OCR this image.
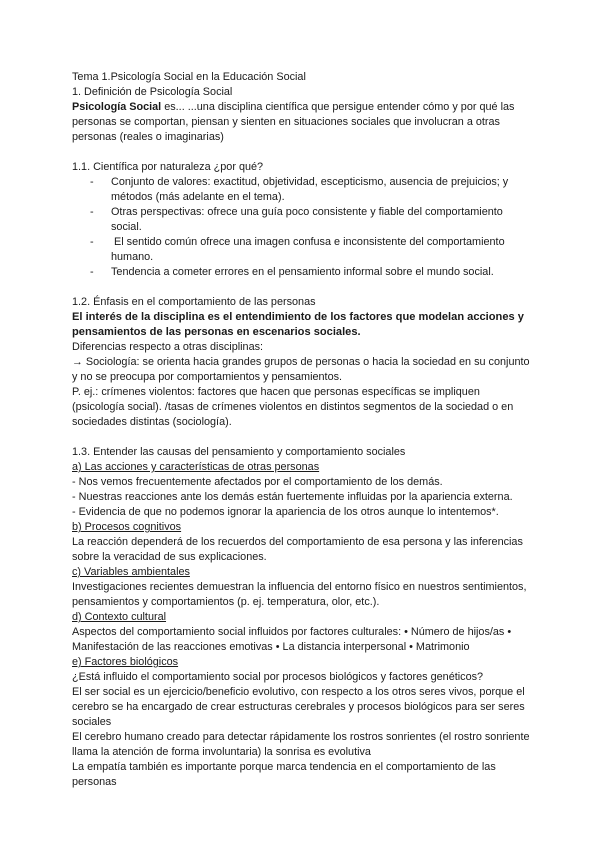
Tema 1.Psicología Social en la Educación Social

1. Definición de Psicología Social

Psicología Social es... ...una disciplina científica que persigue entender cómo y por qué las personas se comportan, piensan y sienten en situaciones sociales que involucran a otras personas (reales o imaginarias)

1.1. Científica por naturaleza ¿por qué?

- Conjunto de valores: exactitud, objetividad, escepticismo, ausencia de prejuicios; y métodos (más adelante en el tema).
- Otras perspectivas: ofrece una guía poco consistente y fiable del comportamiento social.
- El sentido común ofrece una imagen confusa e inconsistente del comportamiento humano.
- Tendencia a cometer errores en el pensamiento informal sobre el mundo social.

1.2. Énfasis en el comportamiento de las personas

El interés de la disciplina es el entendimiento de los factores que modelan acciones y pensamientos de las personas en escenarios sociales.

Diferencias respecto a otras disciplinas:

→ Sociología: se orienta hacia grandes grupos de personas o hacia la sociedad en su conjunto y no se preocupa por comportamientos y pensamientos.

P. ej.: crímenes violentos: factores que hacen que personas específicas se impliquen (psicología social). /tasas de crímenes violentos en distintos segmentos de la sociedad o en sociedades distintas (sociología).

1.3. Entender las causas del pensamiento y comportamiento sociales

a) Las acciones y características de otras personas

- Nos vemos frecuentemente afectados por el comportamiento de los demás.

- Nuestras reacciones ante los demás están fuertemente influidas por la apariencia externa.

- Evidencia de que no podemos ignorar la apariencia de los otros aunque lo intentemos*.

b) Procesos cognitivos

La reacción dependerá de los recuerdos del comportamiento de esa persona y las inferencias sobre la veracidad de sus explicaciones.

c) Variables ambientales

Investigaciones recientes demuestran la influencia del entorno físico en nuestros sentimientos, pensamientos y comportamientos (p. ej. temperatura, olor, etc.).

d) Contexto cultural

Aspectos del comportamiento social influidos por factores culturales: • Número de hijos/as • Manifestación de las reacciones emotivas • La distancia interpersonal • Matrimonio

e) Factores biológicos

¿Está influido el comportamiento social por procesos biológicos y factores genéticos?

El ser social es un ejercicio/beneficio evolutivo, con respecto a los otros seres vivos, porque el cerebro se ha encargado de crear estructuras cerebrales y procesos biológicos para ser seres sociales

El cerebro humano creado para detectar rápidamente los rostros sonrientes (el rostro sonriente llama la atención de forma involuntaria) la sonrisa es evolutiva

La empatía también es importante porque marca tendencia en el comportamiento de las personas
